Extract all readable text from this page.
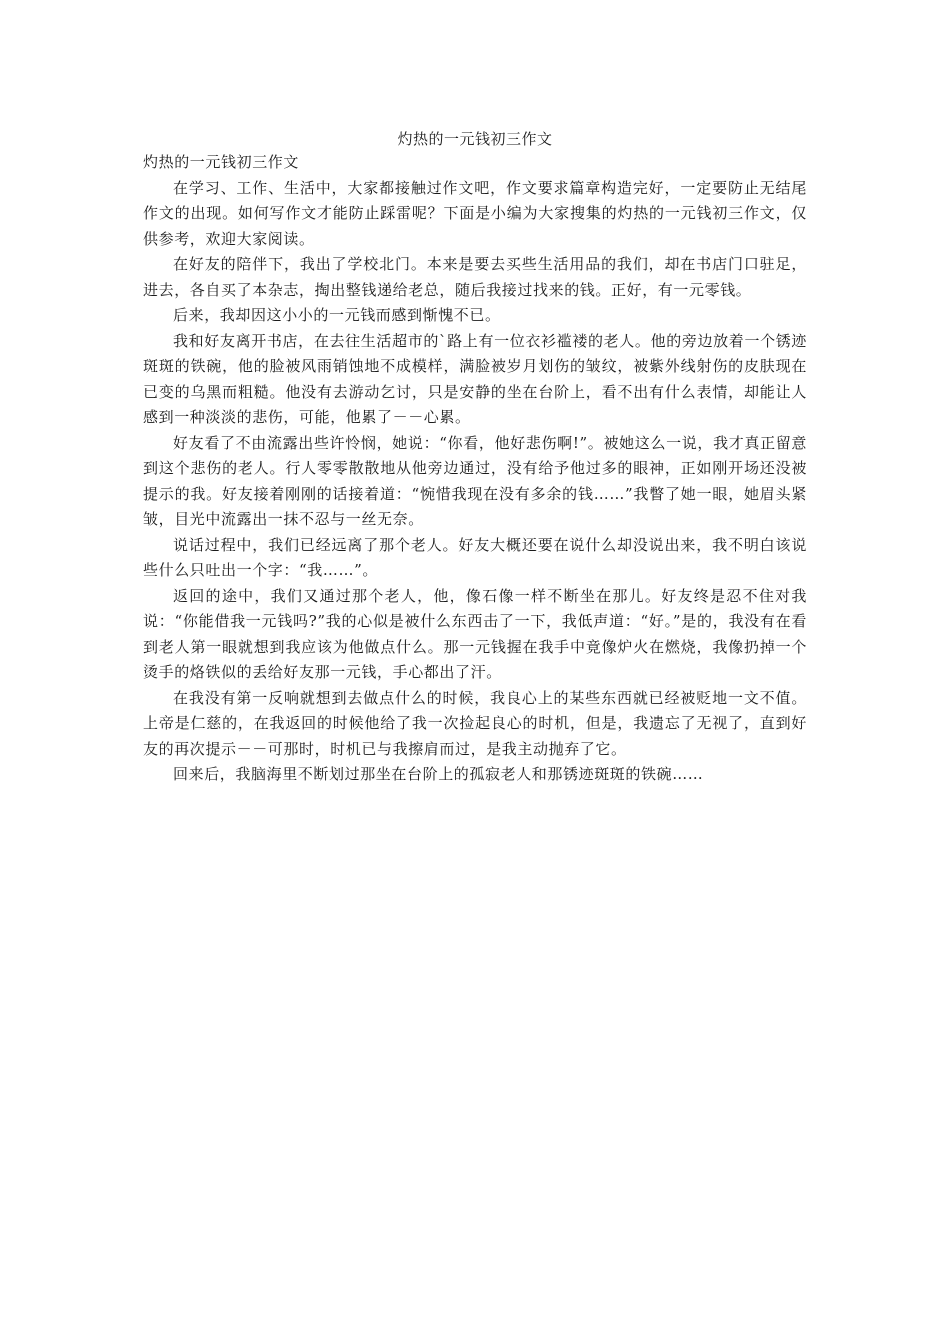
灼热的一元钱初三作文

灼热的一元钱初三作文

在学习、工作、生活中，大家都接触过作文吧，作文要求篇章构造完好，一定要防止无结尾作文的出现。如何写作文才能防止踩雷呢？下面是小编为大家搜集的灼热的一元钱初三作文，仅供参考，欢迎大家阅读。

在好友的陪伴下，我出了学校北门。本来是要去买些生活用品的我们，却在书店门口驻足，进去，各自买了本杂志，掏出整钱递给老总，随后我接过找来的钱。正好，有一元零钱。

后来，我却因这小小的一元钱而感到惭愧不已。

我和好友离开书店，在去往生活超市的`路上有一位衣衫褴褛的老人。他的旁边放着一个锈迹斑斑的铁碗，他的脸被风雨销蚀地不成模样，满脸被岁月划伤的皱纹，被紫外线射伤的皮肤现在已变的乌黑而粗糙。他没有去游动乞讨，只是安静的坐在台阶上，看不出有什么表情，却能让人感到一种淡淡的悲伤，可能，他累了－－心累。

好友看了不由流露出些许怜悯，她说：“你看，他好悲伤啊!”。被她这么一说，我才真正留意到这个悲伤的老人。行人零零散散地从他旁边通过，没有给予他过多的眼神，正如刚开场还没被提示的我。好友接着刚刚的话接着道：“惋惜我现在没有多余的钱……”我瞥了她一眼，她眉头紧皱，目光中流露出一抹不忍与一丝无奈。

说话过程中，我们已经远离了那个老人。好友大概还要在说什么却没说出来，我不明白该说些什么只吐出一个字：“我……”。

返回的途中，我们又通过那个老人，他，像石像一样不断坐在那儿。好友终是忍不住对我说：“你能借我一元钱吗?”我的心似是被什么东西击了一下，我低声道：“好。”是的，我没有在看到老人第一眼就想到我应该为他做点什么。那一元钱握在我手中竟像炉火在燃烧，我像扔掉一个烫手的烙铁似的丢给好友那一元钱，手心都出了汗。

在我没有第一反响就想到去做点什么的时候，我良心上的某些东西就已经被贬地一文不值。上帝是仁慈的，在我返回的时候他给了我一次捡起良心的时机，但是，我遗忘了无视了，直到好友的再次提示－－可那时，时机已与我擦肩而过，是我主动抛弃了它。

回来后，我脑海里不断划过那坐在台阶上的孤寂老人和那锈迹斑斑的铁碗……
